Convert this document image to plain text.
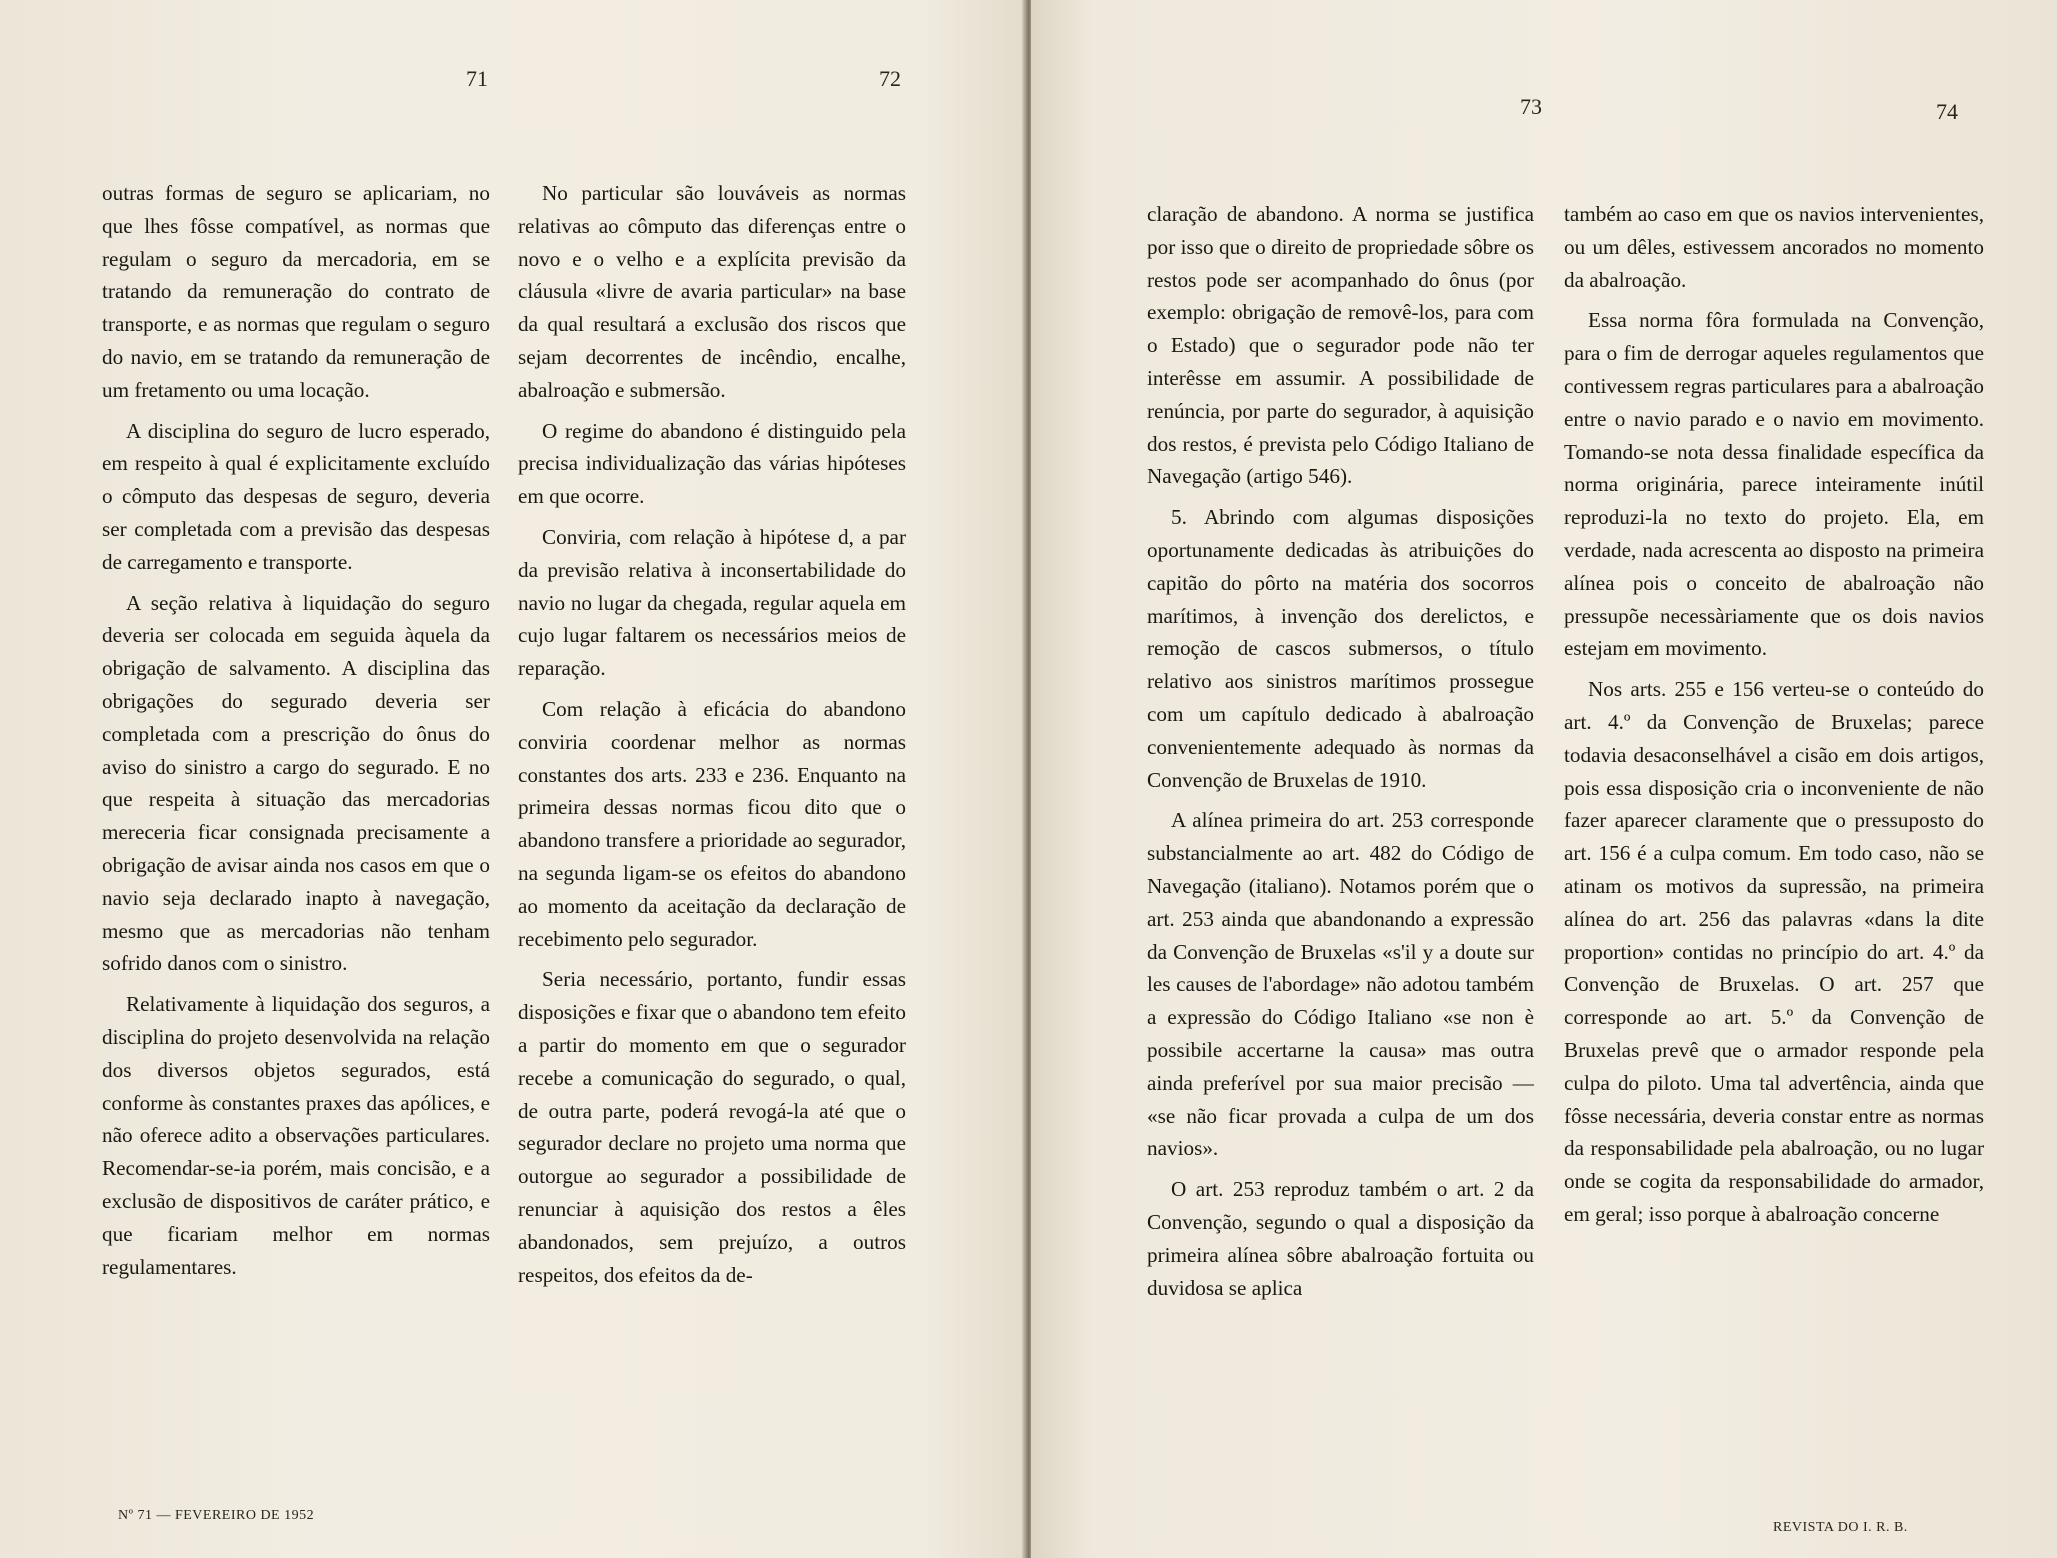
71	72

outras formas de seguro se aplicariam, no que lhes fôsse compatível, as normas que regulam o seguro da mercadoria, em se tratando da remuneração do contrato de transporte, e as normas que regulam o seguro do navio, em se tratando da remuneração de um fretamento ou uma locação.

A disciplina do seguro de lucro esperado, em respeito à qual é explicitamente excluído o cômputo das despesas de seguro, deveria ser completada com a previsão das despesas de carregamento e transporte.

A seção relativa à liquidação do seguro deveria ser colocada em seguida àquela da obrigação de salvamento. A disciplina das obrigações do segurado deveria ser completada com a prescrição do ônus do aviso do sinistro a cargo do segurado. E no que respeita à situação das mercadorias mereceria ficar consignada precisamente a obrigação de avisar ainda nos casos em que o navio seja declarado inapto à navegação, mesmo que as mercadorias não tenham sofrido danos com o sinistro.

Relativamente à liquidação dos seguros, a disciplina do projeto desenvolvida na relação dos diversos objetos segurados, está conforme às constantes praxes das apólices, e não oferece adito a observações particulares. Recomendar-se-ia porém, mais concisão, e a exclusão de dispositivos de caráter prático, e que ficariam melhor em normas regulamentares.

No particular são louváveis as normas relativas ao cômputo das diferenças entre o novo e o velho e a explícita previsão da cláusula «livre de avaria particular» na base da qual resultará a exclusão dos riscos que sejam decorrentes de incêndio, encalhe, abalroação e submersão.

O regime do abandono é distinguido pela precisa individualização das várias hipóteses em que ocorre.

Conviria, com relação à hipótese d, a par da previsão relativa à inconsertabilidade do navio no lugar da chegada, regular aquela em cujo lugar faltarem os necessários meios de reparação.

Com relação à eficácia do abandono conviria coordenar melhor as normas constantes dos arts. 233 e 236. Enquanto na primeira dessas normas ficou dito que o abandono transfere a prioridade ao segurador, na segunda ligam-se os efeitos do abandono ao momento da aceitação da declaração de recebimento pelo segurador.

Seria necessário, portanto, fundir essas disposições e fixar que o abandono tem efeito a partir do momento em que o segurador recebe a comunicação do segurado, o qual, de outra parte, poderá revogá-la até que o segurador declare no projeto uma norma que outorgue ao segurador a possibilidade de renunciar à aquisição dos restos a êles abandonados, sem prejuízo, a outros respeitos, dos efeitos da de-

Nº 71 — FEVEREIRO DE 1952
73	74

claração de abandono. A norma se justifica por isso que o direito de propriedade sôbre os restos pode ser acompanhado do ônus (por exemplo: obrigação de removê-los, para com o Estado) que o segurador pode não ter interêsse em assumir. A possibilidade de renúncia, por parte do segurador, à aquisição dos restos, é prevista pelo Código Italiano de Navegação (artigo 546).

5. Abrindo com algumas disposições oportunamente dedicadas às atribuições do capitão do pôrto na matéria dos socorros marítimos, à invenção dos derelictos, e remoção de cascos submersos, o título relativo aos sinistros marítimos prossegue com um capítulo dedicado à abalroação convenientemente adequado às normas da Convenção de Bruxelas de 1910.

A alínea primeira do art. 253 corresponde substancialmente ao art. 482 do Código de Navegação (italiano). Notamos porém que o art. 253 ainda que abandonando a expressão da Convenção de Bruxelas «s'il y a doute sur les causes de l'abordage» não adotou também a expressão do Código Italiano «se non è possibile accertarne la causa» mas outra ainda preferível por sua maior precisão — «se não ficar provada a culpa de um dos navios».

O art. 253 reproduz também o art. 2 da Convenção, segundo o qual a disposição da primeira alínea sôbre abalroação fortuita ou duvidosa se aplica

também ao caso em que os navios intervenientes, ou um dêles, estivessem ancorados no momento da abalroação.

Essa norma fôra formulada na Convenção, para o fim de derrogar aqueles regulamentos que contivessem regras particulares para a abalroação entre o navio parado e o navio em movimento. Tomando-se nota dessa finalidade específica da norma originária, parece inteiramente inútil reproduzi-la no texto do projeto. Ela, em verdade, nada acrescenta ao disposto na primeira alínea pois o conceito de abalroação não pressupõe necessàriamente que os dois navios estejam em movimento.

Nos arts. 255 e 156 verteu-se o conteúdo do art. 4.º da Convenção de Bruxelas; parece todavia desaconselhável a cisão em dois artigos, pois essa disposição cria o inconveniente de não fazer aparecer claramente que o pressuposto do art. 156 é a culpa comum. Em todo caso, não se atinam os motivos da supressão, na primeira alínea do art. 256 das palavras «dans la dite proportion» contidas no princípio do art. 4.º da Convenção de Bruxelas. O art. 257 que corresponde ao art. 5.º da Convenção de Bruxelas prevê que o armador responde pela culpa do piloto. Uma tal advertência, ainda que fôsse necessária, deveria constar entre as normas da responsabilidade pela abalroação, ou no lugar onde se cogita da responsabilidade do armador, em geral; isso porque à abalroação concerne

REVISTA DO I. R. B.
